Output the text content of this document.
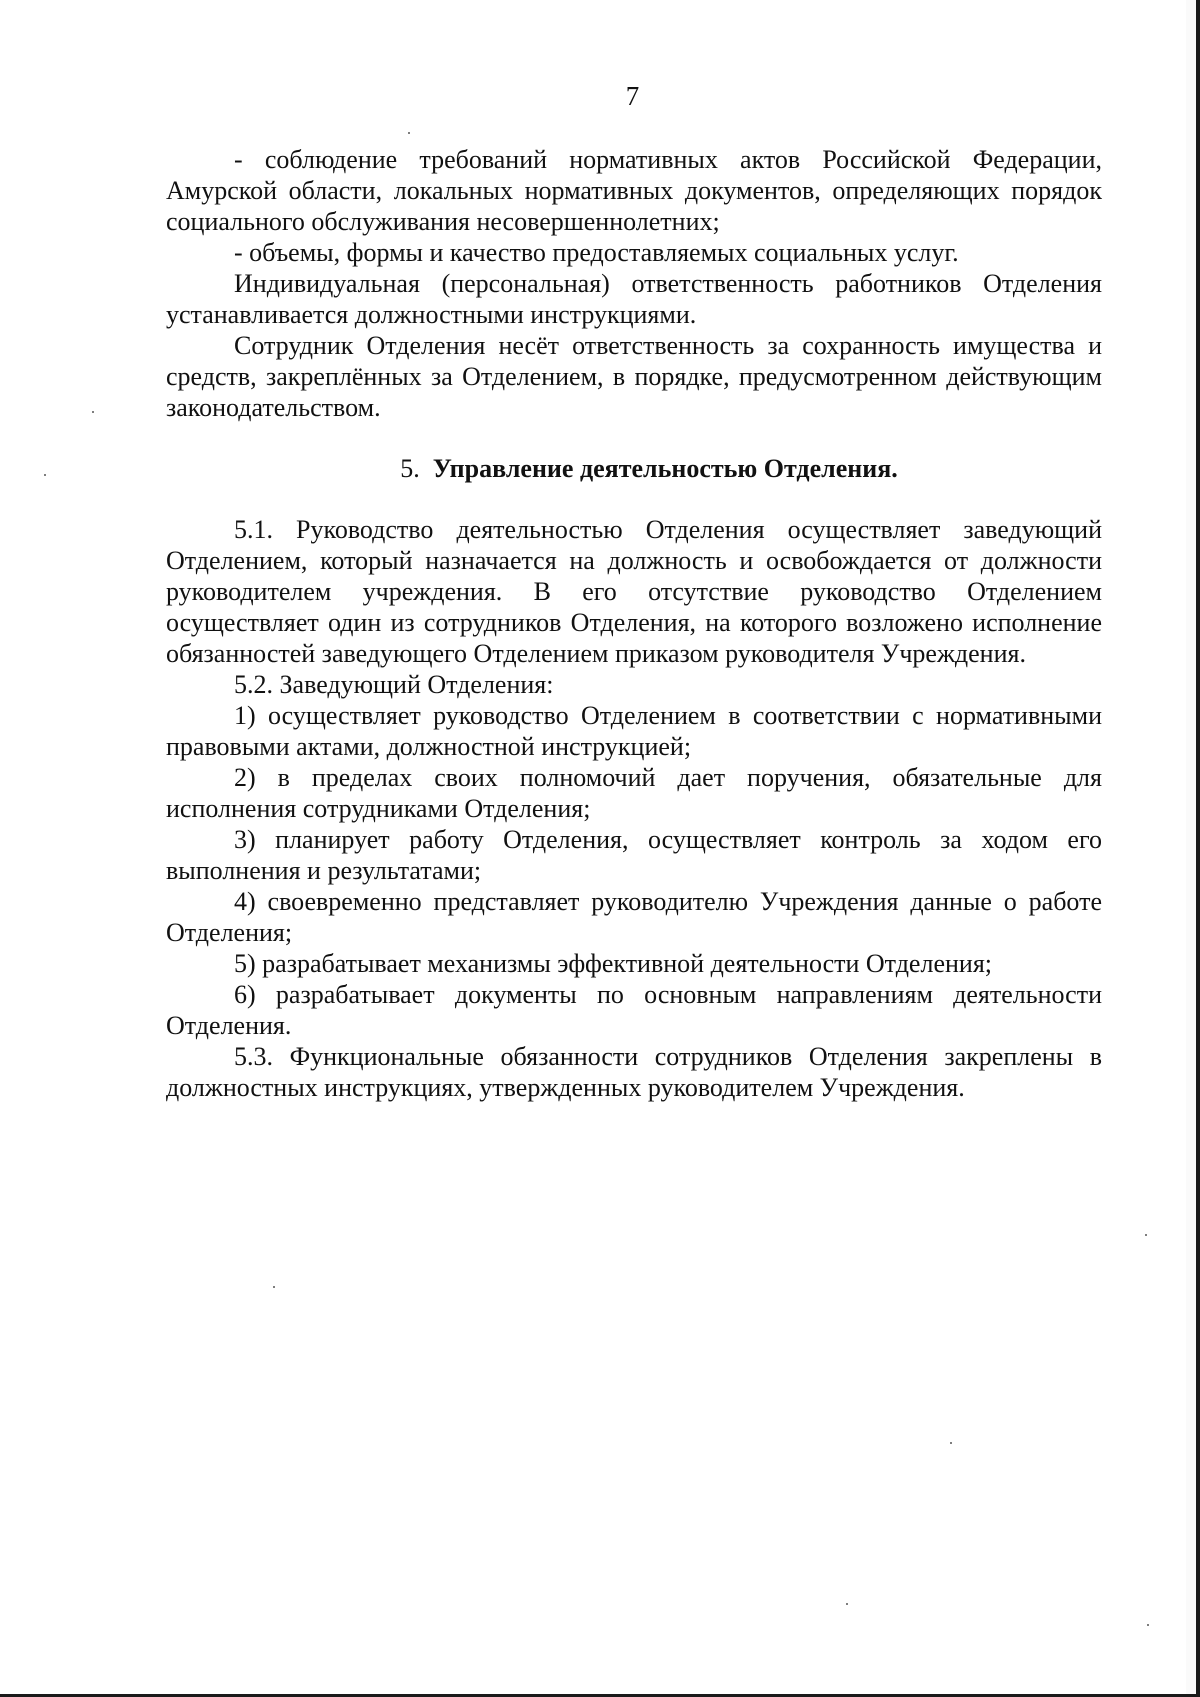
7

- соблюдение требований нормативных актов Российской Федерации, Амурской области, локальных нормативных документов, определяющих порядок социального обслуживания несовершеннолетних;

- объемы, формы и качество предоставляемых социальных услуг.

Индивидуальная (персональная) ответственность работников Отделения устанавливается должностными инструкциями.

Сотрудник Отделения несёт ответственность за сохранность имущества и средств, закреплённых за Отделением, в порядке, предусмотренном действующим законодательством.

5. Управление деятельностью Отделения.

5.1. Руководство деятельностью Отделения осуществляет заведующий Отделением, который назначается на должность и освобождается от должности руководителем учреждения. В его отсутствие руководство Отделением осуществляет один из сотрудников Отделения, на которого возложено исполнение обязанностей заведующего Отделением приказом руководителя Учреждения.

5.2. Заведующий Отделения:

1) осуществляет руководство Отделением в соответствии с нормативными правовыми актами, должностной инструкцией;

2) в пределах своих полномочий дает поручения, обязательные для исполнения сотрудниками Отделения;

3) планирует работу Отделения, осуществляет контроль за ходом его выполнения и результатами;

4) своевременно представляет руководителю Учреждения данные о работе Отделения;

5) разрабатывает механизмы эффективной деятельности Отделения;

6) разрабатывает документы по основным направлениям деятельности Отделения.

5.3. Функциональные обязанности сотрудников Отделения закреплены в должностных инструкциях, утвержденных руководителем Учреждения.
